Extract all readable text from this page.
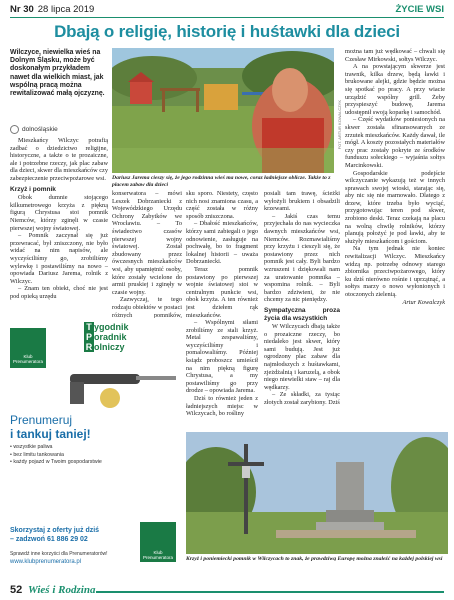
Nr 30 28 lipca 2019	ŻYCIE WSI
Dbają o religię, historię i huśtawki dla dzieci
Wilczyce, niewielka wieś na Dolnym Śląsku, może być doskonałym przykładem nawet dla wielkich miast, jak wspólną pracą można rewitalizować małą ojczyznę.
dolnośląskie

Mieszkańcy Wilczyc potrafią zadbać o dziedzictwo religijne, historyczne, a także o te prozaiczne, ale i potrzebne rzeczy, jak plac zabaw dla dzieci, skwer dla mieszkańców czy zabezpieczenie przeciwpożarowe wsi.

Krzyż i pomnik

Obok dumnie stojącego kilkumetrowego krzyża z piękną figurą Chrystusa stoi pomnik Niemców, którzy zginęli w czasie pierwszej wojny światowej.

– Pomnik zaczynał się już przewracać, był zniszczony, nie było widać na nim napisów, ale wyczyściliśmy go, zrobiliśmy wylewkę i postawiliśmy na nowo – opowiada Dariusz Jarema, rolnik z Wilczyc.

– Znam ten obiekt, choć nie jest pod opieką urzędu

FOT. ARTUR KOWALCZYK
Dariusz Jarema cieszy się, że jego rodzinna wieś ma nowe, coraz ładniejsze oblicze. Także to z placem zabaw dla dzieci

można tam już wędkować – chwali się Czesław Mirkowski, sołtys Wilczyc.

A na powstającym skwerze jest trawnik, kilka drzew, będą ławki i brukowane alejki, gdzie będzie można się spotkać po pracy. A przy wiacie urządzić wspólny grill. Żeby przyspieszyć budowę, Jarema udostępnił swoją koparkę i samochód.

– Część wydatków poniesionych na skwer została sfinansowanych ze zrzutek mieszkańców. Każdy dawał, ile mógł. A koszty pozostałych materiałów czy prac zostały pokryte ze środków funduszu sołeckiego – wyjaśnia sołtys Marcinkowski.

Gospodarskie podejście wilczyczanie wykazują też w innych sprawach swojej wioski, starając się, aby nic się nie marnowało. Dlatego z drzew, które trzeba było wyciąć, przygotowując teren pod skwer, zrobiono deski. Teraz czekają na placu na wolną chwilę rolników, którzy planują położyć je pod ławki, aby te służyły mieszkańcom i gościom.

Na tym jednak nie koniec rewitalizacji Wilczyc. Mieszkańcy widzą np. potrzebę odnowy starego zbiornika przeciwpożarowego, który ku dziś nierówno rośnie i uprzątnąć, a sołtys marzy o nowo wyłonionych i otoczonych zielenią.

Artur Kowalczyk

konserwatora – mówi Leszek Dobrzaniecki z Wojewódzkiego Urzędu Ochrony Zabytków we Wrocławiu. – To świadectwo czasów pierwszej wojny światowej. Został zbudowany przez ówczesnych mieszkańców wsi, aby upamiętnić osoby, które zostały wcielone do armii pruskiej i zginęły w czasie wojny.

Zazwyczaj, te tego rodzaju obiektów w postaci różnych pomników,

sku sporo. Niestety, często nich nosi znamiona czasu, a część została w różny sposób zniszczona.

– Dbałość mieszkańców, którzy sami zabiegali o jego odnowienie, zasługuje na pochwałę, bo to fragment lokalnej historii – uważa Dobrzaniecki.

Teraz pomnik postawiony po pierwszej wojnie światowej stoi w centralnym punkcie wsi, obok krzyża. A ten również jest dziełem rąk mieszkańców.

– Wspólnymi siłami zrobiliśmy ze stali krzyż. Metal zespawaliśmy, wyczyściliśmy i pomalowaliśmy. Później ksiądz proboszcz umieścił na nim piękną figurę Chrystusa, a my postawiliśmy go przy drodze – opowiada Jarema.

Dziś to również jeden z ładniejszych miejsc w Wilczycach, bo rośliny

posiali tam trawę, ścieżki wyłożyli brukiem i obsadzili krzewami.

– Jakiś czas temu przyjechała do nas wycieczka dawnych mieszkańców wsi, Niemców. Rozmawialiśmy przy krzyżu i cieszyli się, że postawiony przez nich pomnik jest cały. Byli bardzo wzruszeni i dziękowali nam za uratowanie pomnika – wspomina rolnik. – Byli bardzo zdziwieni, że nie chcemy za nic pieniędzy.

Sympatyczna proza życia dla wszystkich

W Wilczycach dbają także o prozaiczne rzeczy, bo niedaleko jest skwer, który sami budują. Jest już ogrodzony plac zabaw dla najmłodszych z huśtawkami, zjeżdżalnią i karuzelą, a obok niego niewielki staw – raj dla wędkarzy.

– Ze składki, za tysiąc złotych został zarybiony. Dziś

Krzyż i poniemiecki pomnik w Wilczycach to znak, że prawdziwą Europę można znaleźć na każdej polskiej wsi
T ygodnik
P oradnik
R olniczy
Klub Prenumeratora
Klub Prenumeratora
Prenumeruj
i tankuj taniej!
• wszystkie paliwa
• bez limitu tankowania
• każdy pojazd w Twoim gospodarstwie
Skorzystaj z oferty już dziś
– zadzwoń 61 886 29 02
Sprawdź inne korzyści dla Prenumeratorów!
www.klubprenumeratora.pl
52 Wieś i Rodzina
